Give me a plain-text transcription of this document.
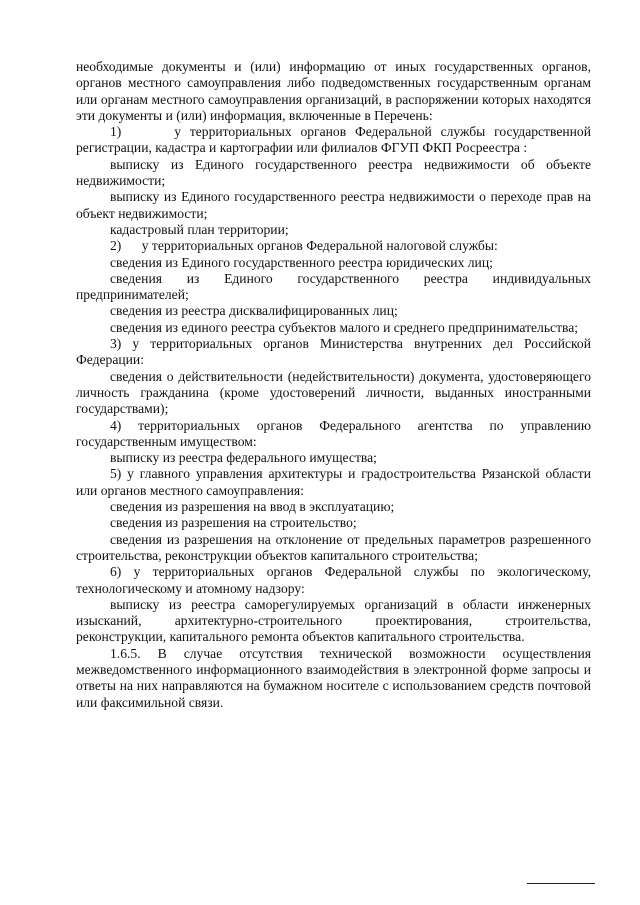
необходимые документы и (или) информацию от иных государственных органов, органов местного самоуправления либо подведомственных государственным органам или органам местного самоуправления организаций, в распоряжении которых находятся эти документы и (или) информация, включенные в Перечень:

1)      у территориальных органов Федеральной службы государственной регистрации, кадастра и картографии или филиалов ФГУП ФКП Росреестра :

выписку из Единого государственного реестра недвижимости об объекте недвижимости;

выписку из Единого государственного реестра недвижимости о переходе прав на объект недвижимости;

кадастровый план территории;

2)      у территориальных органов Федеральной налоговой службы:

сведения из Единого государственного реестра юридических лиц;

сведения из Единого государственного реестра индивидуальных предпринимателей;

сведения из реестра дисквалифицированных лиц;

сведения из единого реестра субъектов малого и среднего предпринимательства;

3) у территориальных органов Министерства внутренних дел Российской Федерации:

сведения о действительности (недействительности) документа, удостоверяющего личность гражданина (кроме удостоверений личности, выданных иностранными государствами);

4) территориальных органов Федерального агентства по управлению государственным имуществом:

выписку из реестра федерального имущества;

5) у главного управления архитектуры и градостроительства Рязанской области или органов местного самоуправления:

сведения из разрешения на ввод в эксплуатацию;

сведения из разрешения на строительство;

сведения из разрешения на отклонение от предельных параметров разрешенного строительства, реконструкции объектов капитального строительства;

6) у территориальных органов Федеральной службы по экологическому, технологическому и атомному надзору:

выписку из реестра саморегулируемых организаций в области инженерных изысканий, архитектурно-строительного проектирования, строительства, реконструкции, капитального ремонта объектов капитального строительства.

1.6.5. В случае отсутствия технической возможности осуществления межведомственного информационного взаимодействия в электронной форме запросы и ответы на них направляются на бумажном носителе с использованием средств почтовой или факсимильной связи.
